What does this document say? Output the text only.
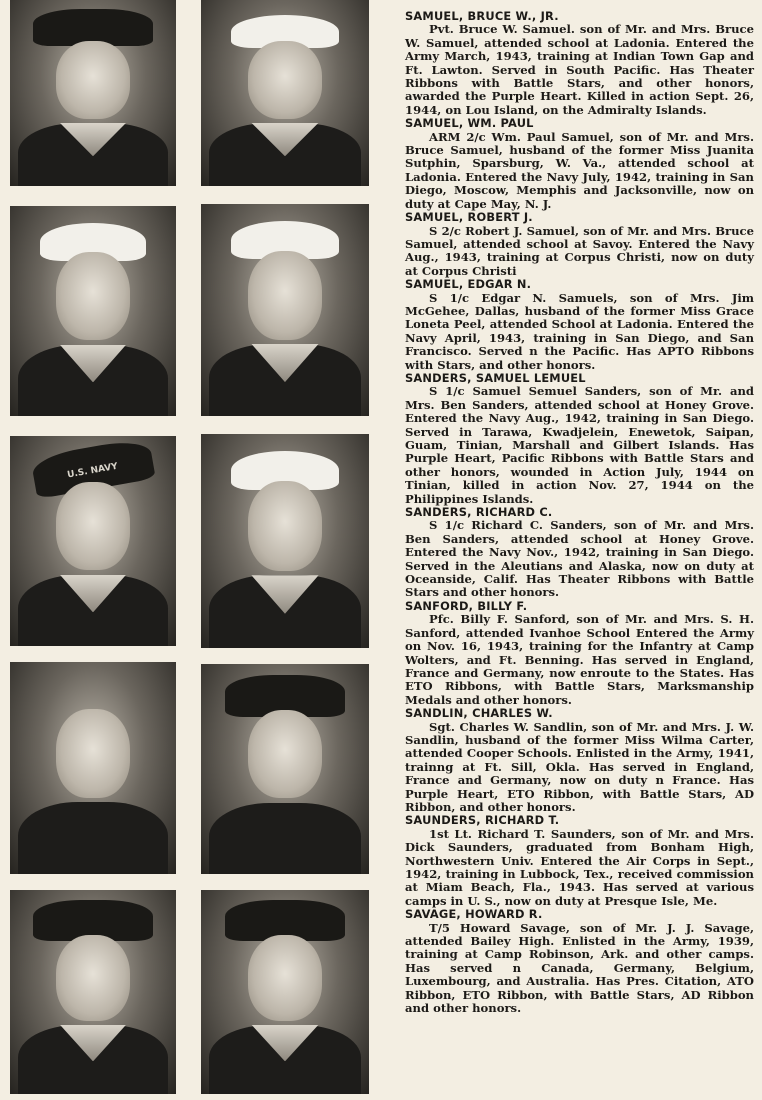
U.S. NAVY

SAMUEL, BRUCE W., JR.
Pvt. Bruce W. Samuel. son of Mr. and Mrs. Bruce W. Samuel, attended school at Ladonia. Entered the Army March, 1943, training at Indian Town Gap and Ft. Lawton. Served in South Pacific. Has Theater Ribbons with Battle Stars, and other honors, awarded the Purple Heart. Killed in action Sept. 26, 1944, on Lou Island, on the Admiralty Islands.

SAMUEL, WM. PAUL
ARM 2/c Wm. Paul Samuel, son of Mr. and Mrs. Bruce Samuel, husband of the former Miss Juanita Sutphin, Sparsburg, W. Va., attended school at Ladonia. Entered the Navy July, 1942, training in San Diego, Moscow, Memphis and Jacksonville, now on duty at Cape May, N. J.

SAMUEL, ROBERT J.
S 2/c Robert J. Samuel, son of Mr. and Mrs. Bruce Samuel, attended school at Savoy. Entered the Navy Aug., 1943, training at Corpus Christi, now on duty at Corpus Christi

SAMUEL, EDGAR N.
S 1/c Edgar N. Samuels, son of Mrs. Jim McGehee, Dallas, husband of the former Miss Grace Loneta Peel, attended School at Ladonia. Entered the Navy April, 1943, training in San Diego, and San Francisco. Served n the Pacific. Has APTO Ribbons with Stars, and other honors.

SANDERS, SAMUEL LEMUEL
S 1/c Samuel Semuel Sanders, son of Mr. and Mrs. Ben Sanders, attended school at Honey Grove. Entered the Navy Aug., 1942, training in San Diego. Served in Tarawa, Kwadjelein, Enewetok, Saipan, Guam, Tinian, Marshall and Gilbert Islands. Has Purple Heart, Pacific Ribbons with Battle Stars and other honors, wounded in Action July, 1944 on Tinian, killed in action Nov. 27, 1944 on the Philippines Islands.

SANDERS, RICHARD C.
S 1/c Richard C. Sanders, son of Mr. and Mrs. Ben Sanders, attended school at Honey Grove. Entered the Navy Nov., 1942, training in San Diego. Served in the Aleutians and Alaska, now on duty at Oceanside, Calif. Has Theater Ribbons with Battle Stars and other honors.

SANFORD, BILLY F.
Pfc. Billy F. Sanford, son of Mr. and Mrs. S. H. Sanford, attended Ivanhoe School Entered the Army on Nov. 16, 1943, training for the Infantry at Camp Wolters, and Ft. Benning. Has served in England, France and Germany, now enroute to the States. Has ETO Ribbons, with Battle Stars, Marksmanship Medals and other honors.

SANDLIN, CHARLES W.
Sgt. Charles W. Sandlin, son of Mr. and Mrs. J. W. Sandlin, husband of the former Miss Wilma Carter, attended Cooper Schools. Enlisted in the Army, 1941, trainng at Ft. Sill, Okla. Has served in England, France and Germany, now on duty n France. Has Purple Heart, ETO Ribbon, with Battle Stars, AD Ribbon, and other honors.

SAUNDERS, RICHARD T.
1st Lt. Richard T. Saunders, son of Mr. and Mrs. Dick Saunders, graduated from Bonham High, Northwestern Univ. Entered the Air Corps in Sept., 1942, training in Lubbock, Tex., received commission at Miam Beach, Fla., 1943. Has served at various camps in U. S., now on duty at Presque Isle, Me.

SAVAGE, HOWARD R.
T/5 Howard Savage, son of Mr. J. J. Savage, attended Bailey High. Enlisted in the Army, 1939, training at Camp Robinson, Ark. and other camps. Has served n Canada, Germany, Belgium, Luxembourg, and Australia. Has Pres. Citation, ATO Ribbon, ETO Ribbon, with Battle Stars, AD Ribbon and other honors.
